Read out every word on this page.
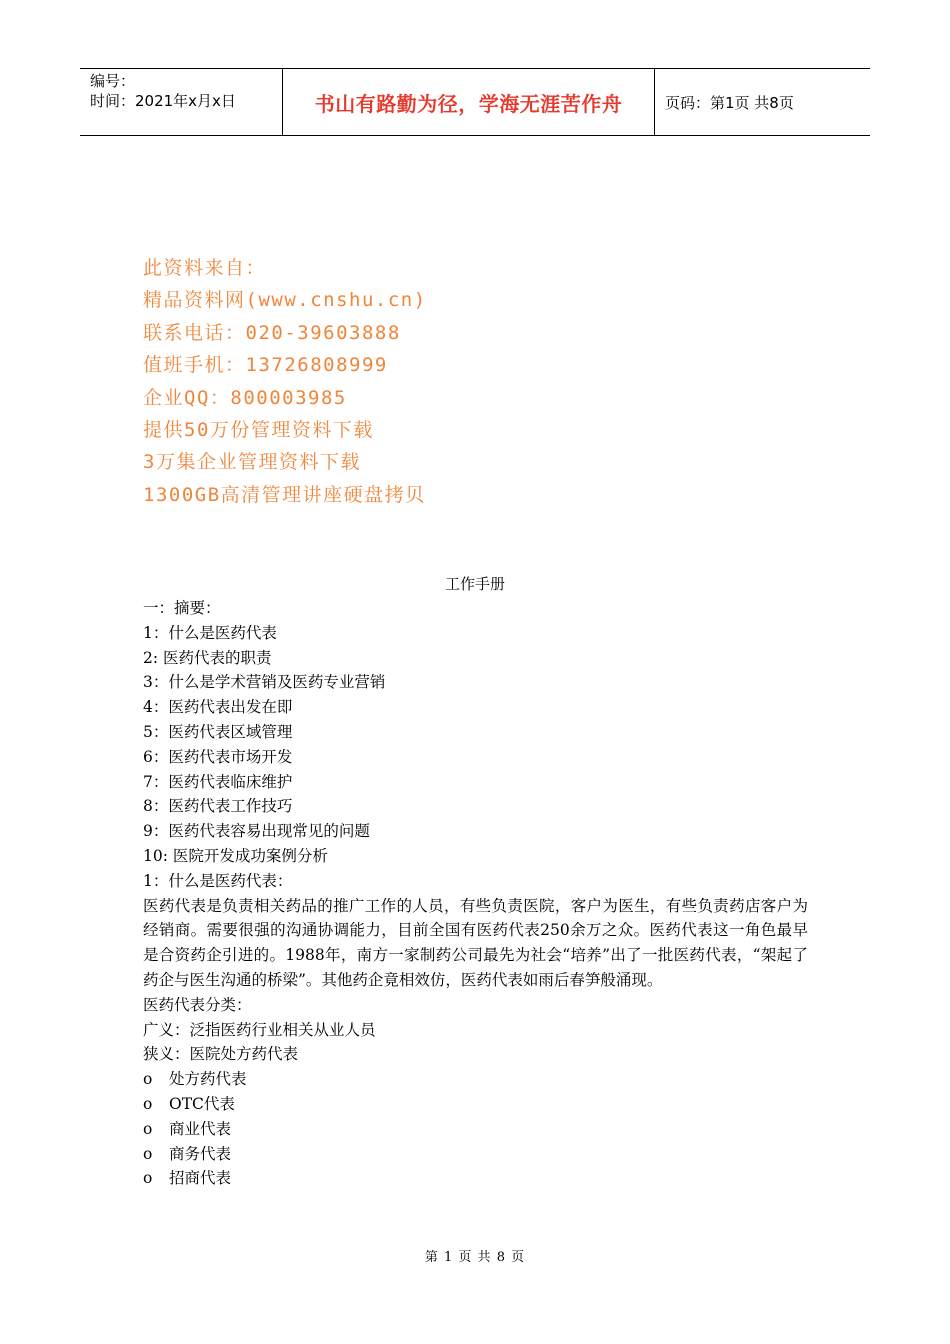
编号：
时间：2021年x月x日	书山有路勤为径，学海无涯苦作舟	页码：第1页 共8页
此资料来自：
精品资料网(www.cnshu.cn)
联系电话：020-39603888
值班手机：13726808999
企业QQ：800003985
提供50万份管理资料下载
3万集企业管理资料下载
1300GB高清管理讲座硬盘拷贝
工作手册
一：摘要：
1：什么是医药代表
2: 医药代表的职责
3：什么是学术营销及医药专业营销
4：医药代表出发在即
5：医药代表区域管理
6：医药代表市场开发
7：医药代表临床维护
8：医药代表工作技巧
9：医药代表容易出现常见的问题
10: 医院开发成功案例分析
1：什么是医药代表：
医药代表是负责相关药品的推广工作的人员，有些负责医院，客户为医生，有些负责药店客户为经销商。需要很强的沟通协调能力，目前全国有医药代表250余万之众。医药代表这一角色最早是合资药企引进的。1988年，南方一家制药公司最先为社会“培养”出了一批医药代表，“架起了药企与医生沟通的桥梁”。其他药企竟相效仿，医药代表如雨后春笋般涌现。
医药代表分类：
广义：泛指医药行业相关从业人员
狭义：医院处方药代表
o	处方药代表
o	OTC代表
o	商业代表
o	商务代表
o	招商代表
第 1 页 共 8 页
